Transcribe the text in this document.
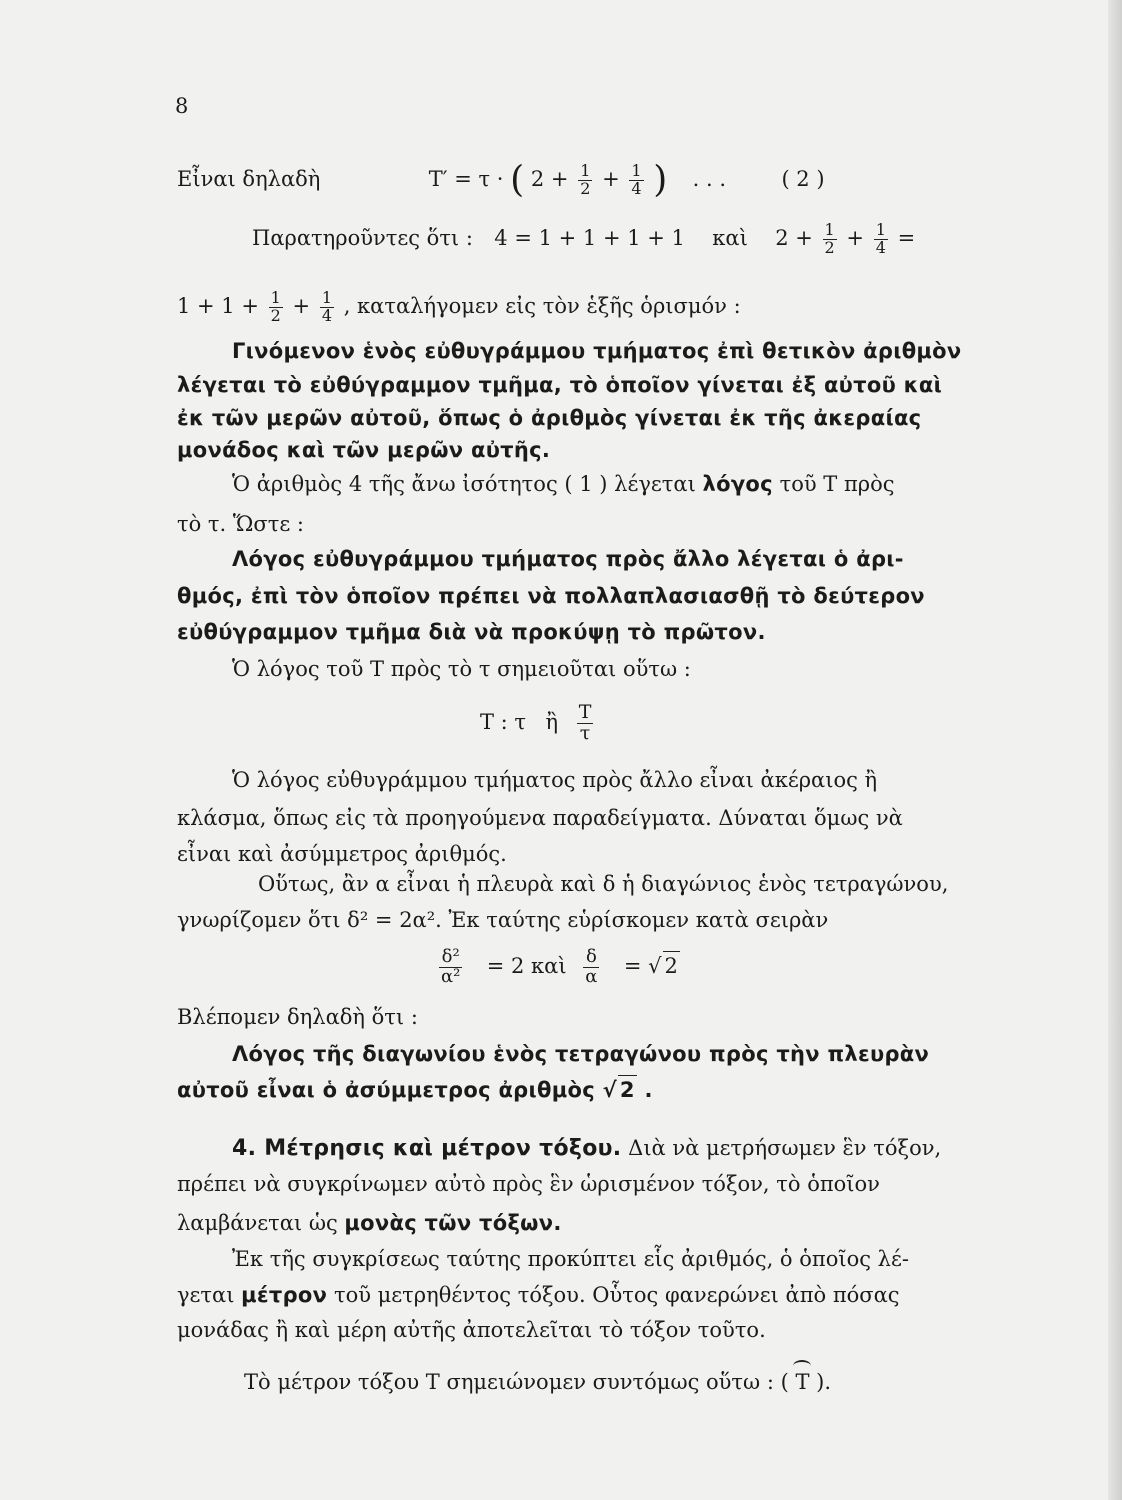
8
Εἶναι δηλαδὴ	T′ = τ · ( $2 + \frac{1}{2} + \frac{1}{4}$ ) . . .	( 2 )
Παρατηροῦντες ὅτι : 4 = 1 + 1 + 1 + 1 καὶ $2 + \frac{1}{2} + \frac{1}{4}$ =
$1 + 1 + \frac{1}{2} + \frac{1}{4}$ , καταλήγομεν εἰς τὸν ἑξῆς ὁρισμόν :
Γινόμενον ἑνὸς εὐθυγράμμου τμήματος ἐπὶ θετικὸν ἀριθμὸν
λέγεται τὸ εὐθύγραμμον τμῆμα, τὸ ὁποῖον γίνεται ἐξ αὐτοῦ καὶ
ἐκ τῶν μερῶν αὐτοῦ, ὅπως ὁ ἀριθμὸς γίνεται ἐκ τῆς ἀκεραίας
μονάδος καὶ τῶν μερῶν αὐτῆς.
Ὁ ἀριθμὸς 4 τῆς ἄνω ἰσότητος ( 1 ) λέγεται λόγος τοῦ T πρὸς
τὸ τ. Ὥστε :
Λόγος εὐθυγράμμου τμήματος πρὸς ἄλλο λέγεται ὁ ἀρι-
θμός, ἐπὶ τὸν ὁποῖον πρέπει νὰ πολλαπλασιασθῇ τὸ δεύτερον
εὐθύγραμμον τμῆμα διὰ νὰ προκύψῃ τὸ πρῶτον.
Ὁ λόγος τοῦ T πρὸς τὸ τ σημειοῦται οὕτω :
T : τ ἢ $\frac{T}{\tau}$
Ὁ λόγος εὐθυγράμμου τμήματος πρὸς ἄλλο εἶναι ἀκέραιος ἢ
κλάσμα, ὅπως εἰς τὰ προηγούμενα παραδείγματα. Δύναται ὅμως νὰ
εἶναι καὶ ἀσύμμετρος ἀριθμός.
Οὕτως, ἂν α εἶναι ἡ πλευρὰ καὶ δ ἡ διαγώνιος ἑνὸς τετραγώνου,
γνωρίζομεν ὅτι δ² = 2α². Ἐκ ταύτης εὑρίσκομεν κατὰ σειρὰν
$\frac{\text{δ²}}{\text{α²}} = 2$ καὶ $\frac{\delta}{\alpha}$ = √ 2
Βλέπομεν δηλαδὴ ὅτι :
Λόγος τῆς διαγωνίου ἑνὸς τετραγώνου πρὸς τὴν πλευρὰν
αὐτοῦ εἶναι ὁ ἀσύμμετρος ἀριθμὸς √ 2 .
4. Μέτρησις καὶ μέτρον τόξου. Διὰ νὰ μετρήσωμεν ἓν τόξον,
πρέπει νὰ συγκρίνωμεν αὐτὸ πρὸς ἓν ὡρισμένον τόξον, τὸ ὁποῖον
λαμβάνεται ὡς μονὰς τῶν τόξων.
Ἐκ τῆς συγκρίσεως ταύτης προκύπτει εἷς ἀριθμός, ὁ ὁποῖος λέ-
γεται μέτρον τοῦ μετρηθέντος τόξου. Οὗτος φανερώνει ἀπὸ πόσας
μονάδας ἢ καὶ μέρη αὐτῆς ἀποτελεῖται τὸ τόξον τοῦτο.
Τὸ μέτρον τόξου T σημειώνομεν συντόμως οὕτω : ( T ).
